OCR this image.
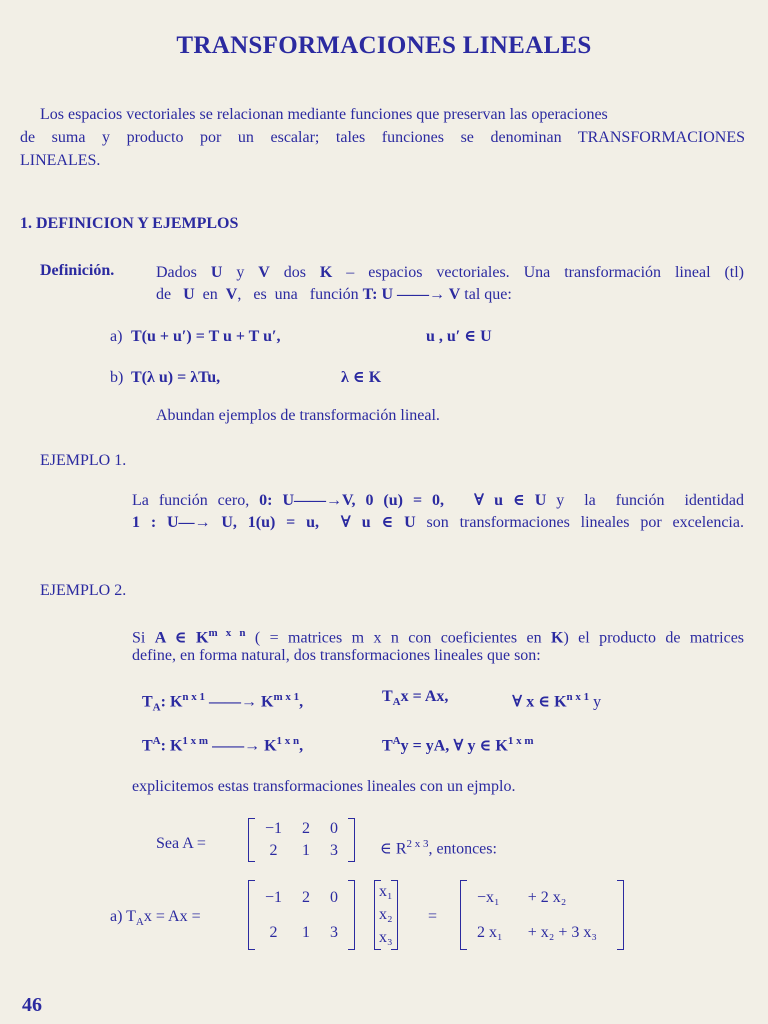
TRANSFORMACIONES LINEALES
Los espacios vectoriales se relacionan mediante funciones que preservan las operaciones
de suma y producto por un escalar; tales funciones se denominan TRANSFORMACIONES
LINEALES.
1. DEFINICION Y EJEMPLOS
Definición.	Dados U y V dos K – espacios vectoriales. Una transformación lineal (tl)
de   U  en  V,   es  una   función T: U ——→ V tal que:
a) T(u + u′) = T u + T u′,	u , u′ ∈ U
b) T(λ u) = λTu,	λ ∈ K
Abundan ejemplos de transformación lineal.
EJEMPLO 1.
La función cero, 0: U——→V, 0 (u) = 0,   ∀ u ∈ U y  la  función  identidad
1 : U—→ U, 1(u) = u,  ∀ u ∈ U son transformaciones lineales por excelencia.
EJEMPLO 2.
Si A ∈ $K^{m x n}$ ( = matrices m x n con coeficientes en K) el producto de matrices
define, en forma natural, dos transformaciones lineales que son:
$T_A$: $K^{n x 1}$ ——→ $K^{m x 1}$,	$T_Ax = Ax$,	∀ x ∈ $K^{n x 1}$ y
$T^A$: $K^{1 x m}$ ——→ $K^{1 x n}$,	$T^Ay$ = yA, ∀ y ∈ $K^{1 x m}$
explicitemos estas transformaciones lineales con un ejmplo.
Sea A =
−1	2	0
2	1	3	∈ $R^{2 x 3}$, entonces:
a) $T_Ax = Ax$ =
−1	2	0
2	1	3
x₁
x₂
x₃
=
−x₁	+ 2 x₂
2 x₁	+ x₂ + 3 x₃
46
